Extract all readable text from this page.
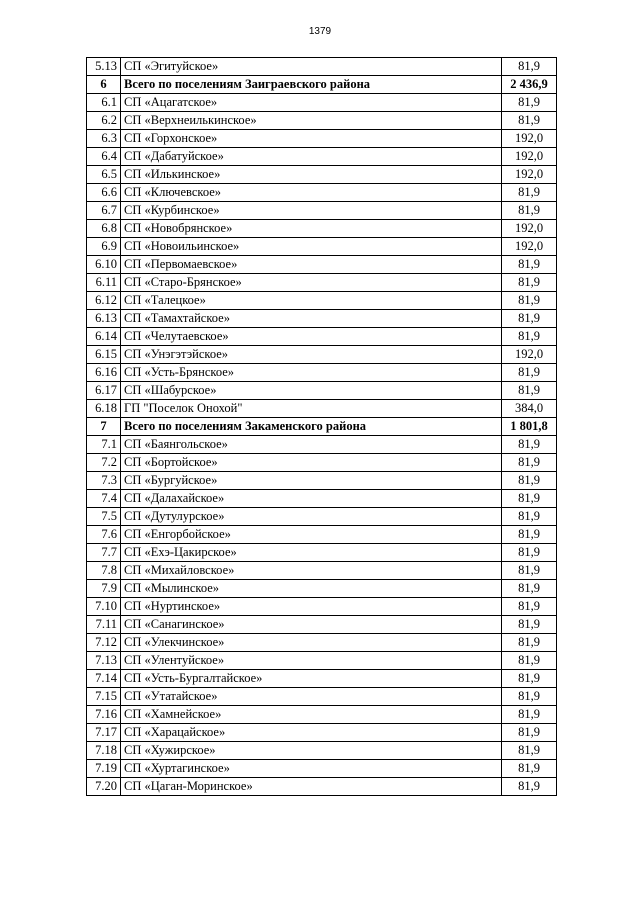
1379
5.13	СП «Эгитуйское»	81,9
6	Всего по поселениям Заиграевского района	2 436,9
6.1	СП «Ацагатское»	81,9
6.2	СП «Верхнеилькинское»	81,9
6.3	СП «Горхонское»	192,0
6.4	СП «Дабатуйское»	192,0
6.5	СП «Илькинское»	192,0
6.6	СП «Ключевское»	81,9
6.7	СП «Курбинское»	81,9
6.8	СП «Новобрянское»	192,0
6.9	СП «Новоильинское»	192,0
6.10	СП «Первомаевское»	81,9
6.11	СП «Старо-Брянское»	81,9
6.12	СП «Талецкое»	81,9
6.13	СП «Тамахтайское»	81,9
6.14	СП «Челутаевское»	81,9
6.15	СП «Унэгэтэйское»	192,0
6.16	СП «Усть-Брянское»	81,9
6.17	СП «Шабурское»	81,9
6.18	ГП "Поселок Онохой"	384,0
7	Всего по поселениям Закаменского района	1 801,8
7.1	СП «Баянгольское»	81,9
7.2	СП «Бортойское»	81,9
7.3	СП «Бургуйское»	81,9
7.4	СП «Далахайское»	81,9
7.5	СП «Дутулурское»	81,9
7.6	СП «Енгорбойское»	81,9
7.7	СП «Ехэ-Цакирское»	81,9
7.8	СП «Михайловское»	81,9
7.9	СП «Мылинское»	81,9
7.10	СП «Нуртинское»	81,9
7.11	СП «Санагинское»	81,9
7.12	СП «Улекчинское»	81,9
7.13	СП «Улентуйское»	81,9
7.14	СП «Усть-Бургалтайское»	81,9
7.15	СП «Утатайское»	81,9
7.16	СП «Хамнейское»	81,9
7.17	СП «Харацайское»	81,9
7.18	СП «Хужирское»	81,9
7.19	СП «Хуртагинское»	81,9
7.20	СП «Цаган-Моринское»	81,9
